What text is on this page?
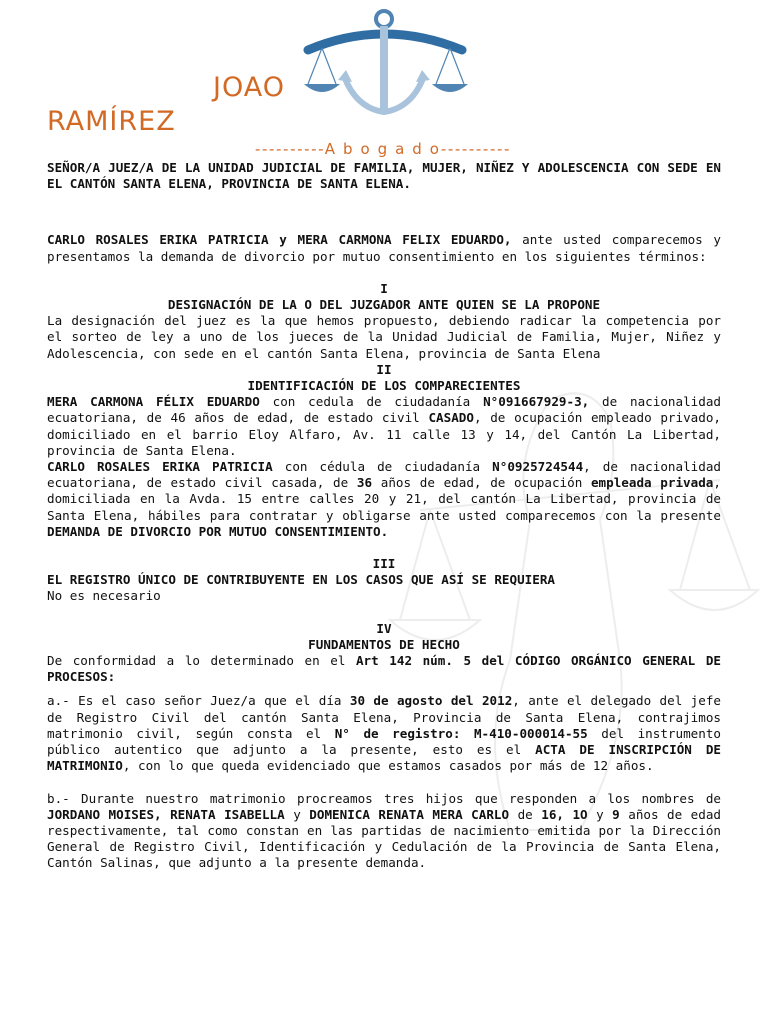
JOAO
RAMÍREZ
----------A b o g a d o----------

SEÑOR/A JUEZ/A DE LA UNIDAD JUDICIAL DE FAMILIA, MUJER, NIÑEZ Y ADOLESCENCIA CON SEDE EN EL CANTÓN SANTA ELENA, PROVINCIA DE SANTA ELENA.

CARLO ROSALES ERIKA PATRICIA y MERA CARMONA FELIX EDUARDO, ante usted comparecemos y presentamos la demanda de divorcio por mutuo consentimiento en los siguientes términos:

I

DESIGNACIÓN DE LA O DEL JUZGADOR ANTE QUIEN SE LA PROPONE

La designación del juez es la que hemos propuesto, debiendo radicar la competencia por el sorteo de ley a uno de los jueces de la Unidad Judicial de Familia, Mujer, Niñez y Adolescencia, con sede en el cantón Santa Elena, provincia de Santa Elena

II

IDENTIFICACIÓN DE LOS COMPARECIENTES

MERA CARMONA FÉLIX EDUARDO con cedula de ciudadanía N°091667929-3, de nacionalidad ecuatoriana, de 46 años de edad, de estado civil CASADO, de ocupación empleado privado, domiciliado en el barrio Eloy Alfaro, Av. 11 calle 13 y 14, del Cantón La Libertad, provincia de Santa Elena.

CARLO ROSALES ERIKA PATRICIA con cédula de ciudadanía N°0925724544, de nacionalidad ecuatoriana, de estado civil casada, de 36 años de edad, de ocupación empleada privada, domiciliada en la Avda. 15 entre calles 20 y 21, del cantón La Libertad, provincia de Santa Elena, hábiles para contratar y obligarse ante usted comparecemos con la presente DEMANDA DE DIVORCIO POR MUTUO CONSENTIMIENTO.

III

EL REGISTRO ÚNICO DE CONTRIBUYENTE EN LOS CASOS QUE ASÍ SE REQUIERA

No es necesario

IV

FUNDAMENTOS DE HECHO

De conformidad a lo determinado en el Art 142 núm. 5 del CÓDIGO ORGÁNICO GENERAL DE PROCESOS:

a.- Es el caso señor Juez/a que el día 30 de agosto del 2012, ante el delegado del jefe de Registro Civil del cantón Santa Elena, Provincia de Santa Elena, contrajimos matrimonio civil, según consta el N° de registro: M-410-000014-55 del instrumento público autentico que adjunto a la presente, esto es el ACTA DE INSCRIPCIÓN DE MATRIMONIO, con lo que queda evidenciado que estamos casados por más de 12 años.

b.- Durante nuestro matrimonio procreamos tres hijos que responden a los nombres de JORDANO MOISES, RENATA ISABELLA y DOMENICA RENATA MERA CARLO de 16, 1O y 9 años de edad respectivamente, tal como constan en las partidas de nacimiento emitida por la Dirección General de Registro Civil, Identificación y Cedulación de la Provincia de Santa Elena, Cantón Salinas, que adjunto a la presente demanda.
